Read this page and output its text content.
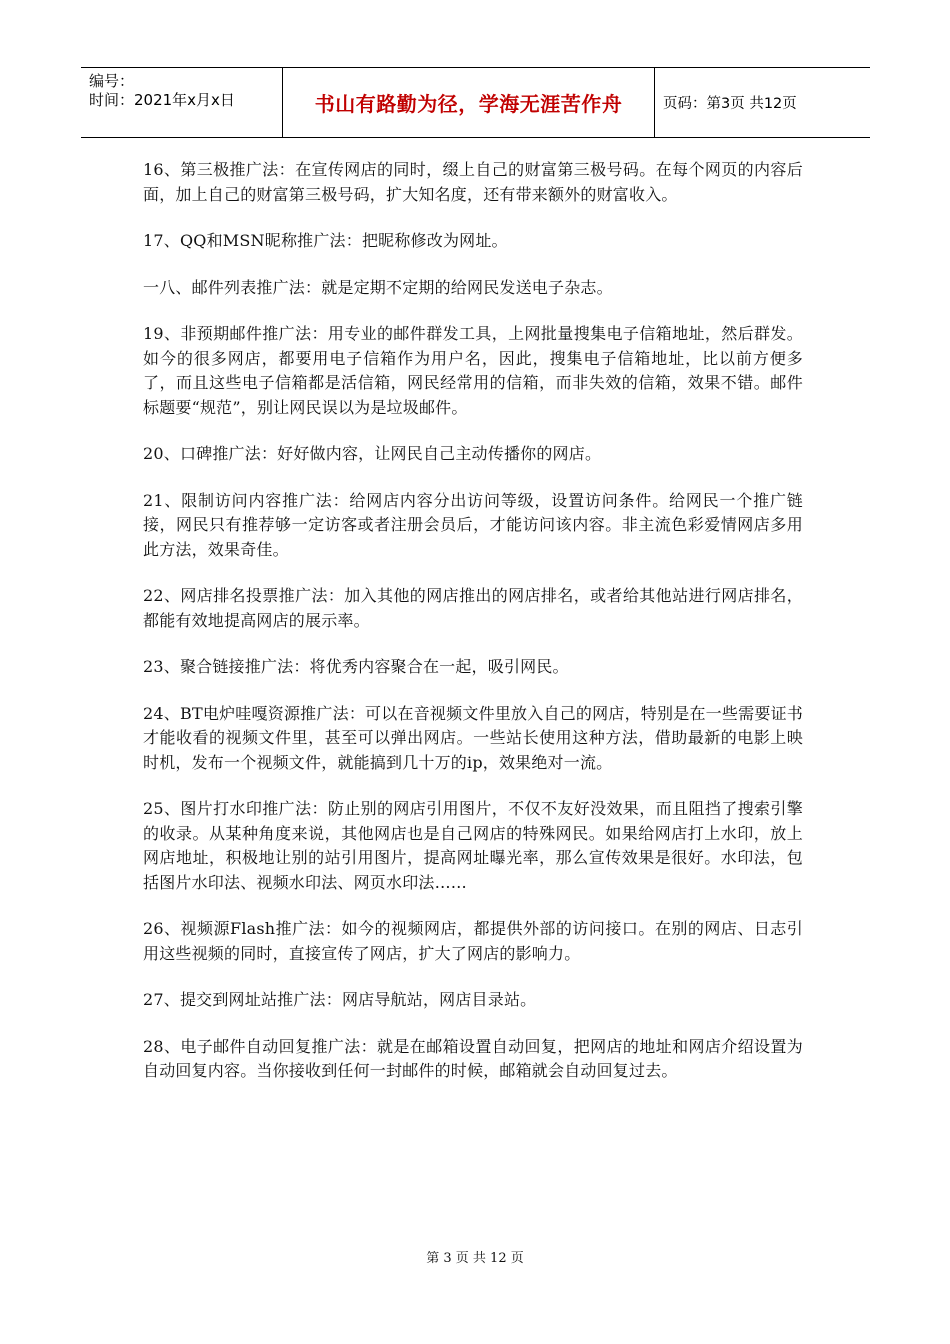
编号：
时间：2021年x月x日	书山有路勤为径，学海无涯苦作舟	页码：第3页 共12页

16、第三极推广法：在宣传网店的同时，缀上自己的财富第三极号码。在每个网页的内容后面，加上自己的财富第三极号码，扩大知名度，还有带来额外的财富收入。

17、QQ和MSN昵称推广法：把昵称修改为网址。

一八、邮件列表推广法：就是定期不定期的给网民发送电子杂志。

19、非预期邮件推广法：用专业的邮件群发工具，上网批量搜集电子信箱地址，然后群发。如今的很多网店，都要用电子信箱作为用户名，因此，搜集电子信箱地址，比以前方便多了，而且这些电子信箱都是活信箱，网民经常用的信箱，而非失效的信箱，效果不错。邮件标题要“规范”，别让网民误以为是垃圾邮件。

20、口碑推广法：好好做内容，让网民自己主动传播你的网店。

21、限制访问内容推广法：给网店内容分出访问等级，设置访问条件。给网民一个推广链接，网民只有推荐够一定访客或者注册会员后，才能访问该内容。非主流色彩爱情网店多用此方法，效果奇佳。

22、网店排名投票推广法：加入其他的网店推出的网店排名，或者给其他站进行网店排名，都能有效地提高网店的展示率。

23、聚合链接推广法：将优秀内容聚合在一起，吸引网民。

24、BT电炉哇嘎资源推广法：可以在音视频文件里放入自己的网店，特别是在一些需要证书才能收看的视频文件里，甚至可以弹出网店。一些站长使用这种方法，借助最新的电影上映时机，发布一个视频文件，就能搞到几十万的ip，效果绝对一流。

25、图片打水印推广法：防止别的网店引用图片，不仅不友好没效果，而且阻挡了搜索引擎的收录。从某种角度来说，其他网店也是自己网店的特殊网民。如果给网店打上水印，放上网店地址，积极地让别的站引用图片，提高网址曝光率，那么宣传效果是很好。水印法，包括图片水印法、视频水印法、网页水印法……

26、视频源Flash推广法：如今的视频网店，都提供外部的访问接口。在别的网店、日志引用这些视频的同时，直接宣传了网店，扩大了网店的影响力。

27、提交到网址站推广法：网店导航站，网店目录站。

28、电子邮件自动回复推广法：就是在邮箱设置自动回复，把网店的地址和网店介绍设置为自动回复内容。当你接收到任何一封邮件的时候，邮箱就会自动回复过去。

第 3 页 共 12 页
